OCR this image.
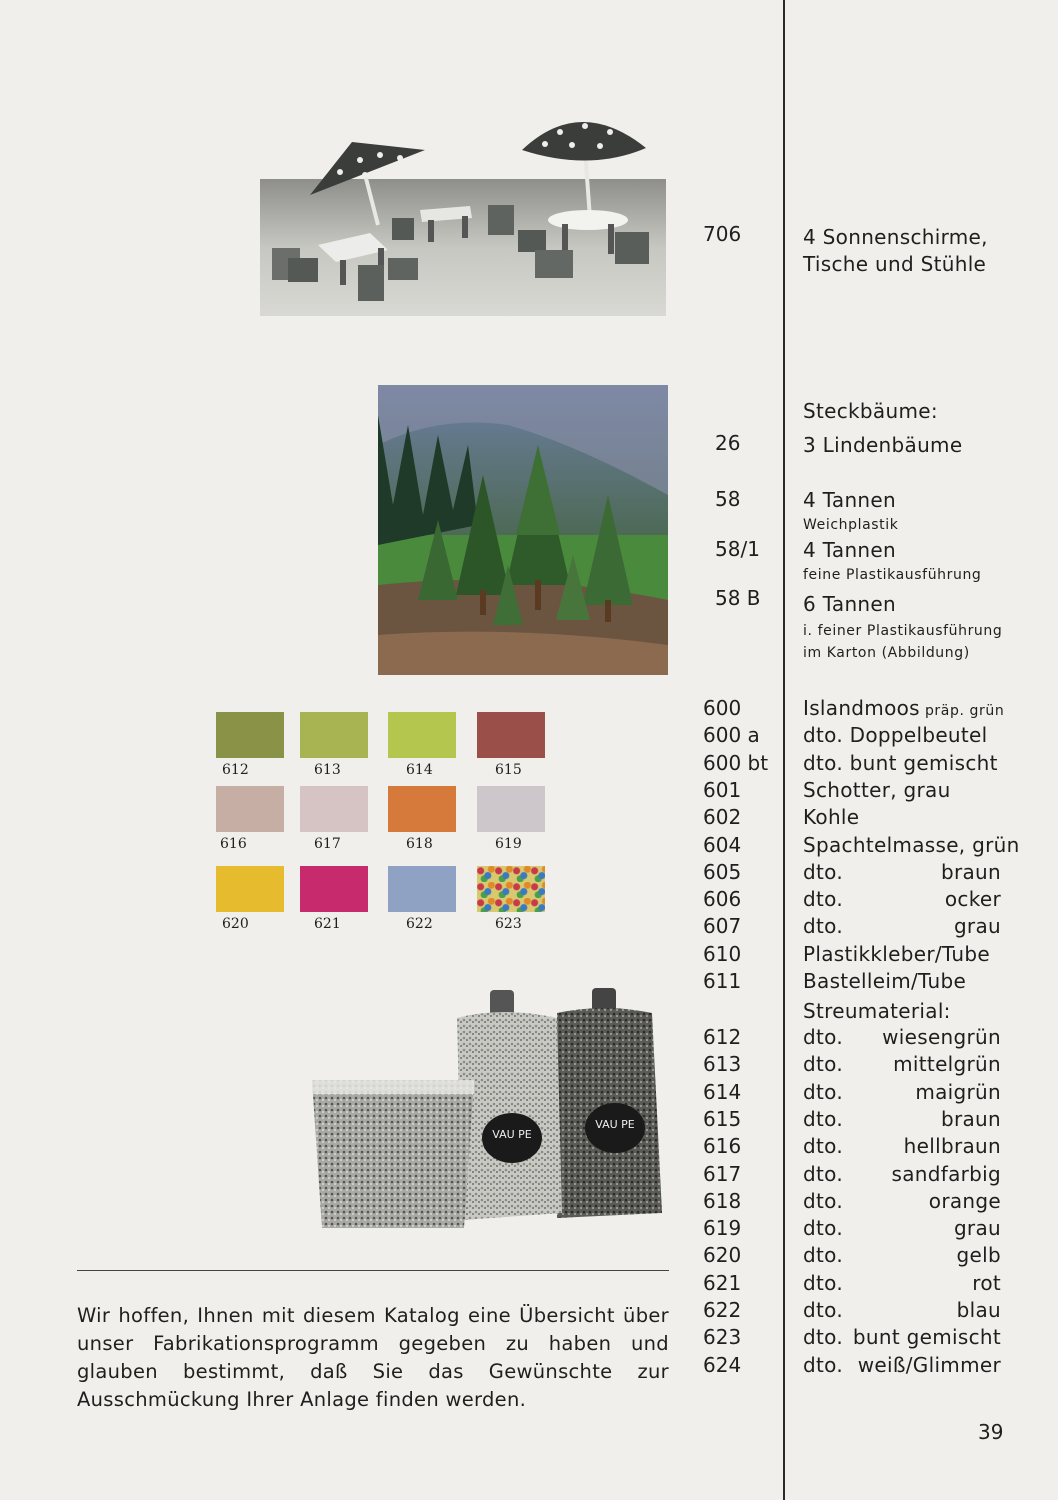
612	613	614	615
616	617	618	619
620	621	622	623
VAU PE
VAU PE
706	4 Sonnenschirme,
Tische und Stühle
Steckbäume:
26	3 Lindenbäume
58	4 Tannen
Weichplastik
58/1 4 Tannen
feine Plastikausführung
58 B 6 Tannen
i. feiner Plastikausführung
im Karton (Abbildung)
600	Islandmoos präp. grün
600 a dto. Doppelbeutel
600 bt dto. bunt gemischt
601	Schotter, grau
602	Kohle
604	Spachtelmasse, grün
605	dto.	braun
606	dto.	ocker
607	dto.	grau
610	Plastikkleber/Tube
611	Bastelleim/Tube
Streumaterial:
612	dto. wiesengrün
613	dto.	mittelgrün
614	dto.	maigrün
615	dto.	braun
616	dto.	hellbraun
617	dto. sandfarbig
618	dto.	orange
619	dto.	grau
620	dto.	gelb
621	dto.	rot
622	dto.	blau
623	dto. bunt gemischt
624	dto. weiß/Glimmer
Wir hoffen, Ihnen mit diesem Katalog eine Übersicht über unser Fabrikationsprogramm gegeben zu haben und glauben bestimmt, daß Sie das Gewünschte zur Ausschmückung Ihrer Anlage finden werden.
39
